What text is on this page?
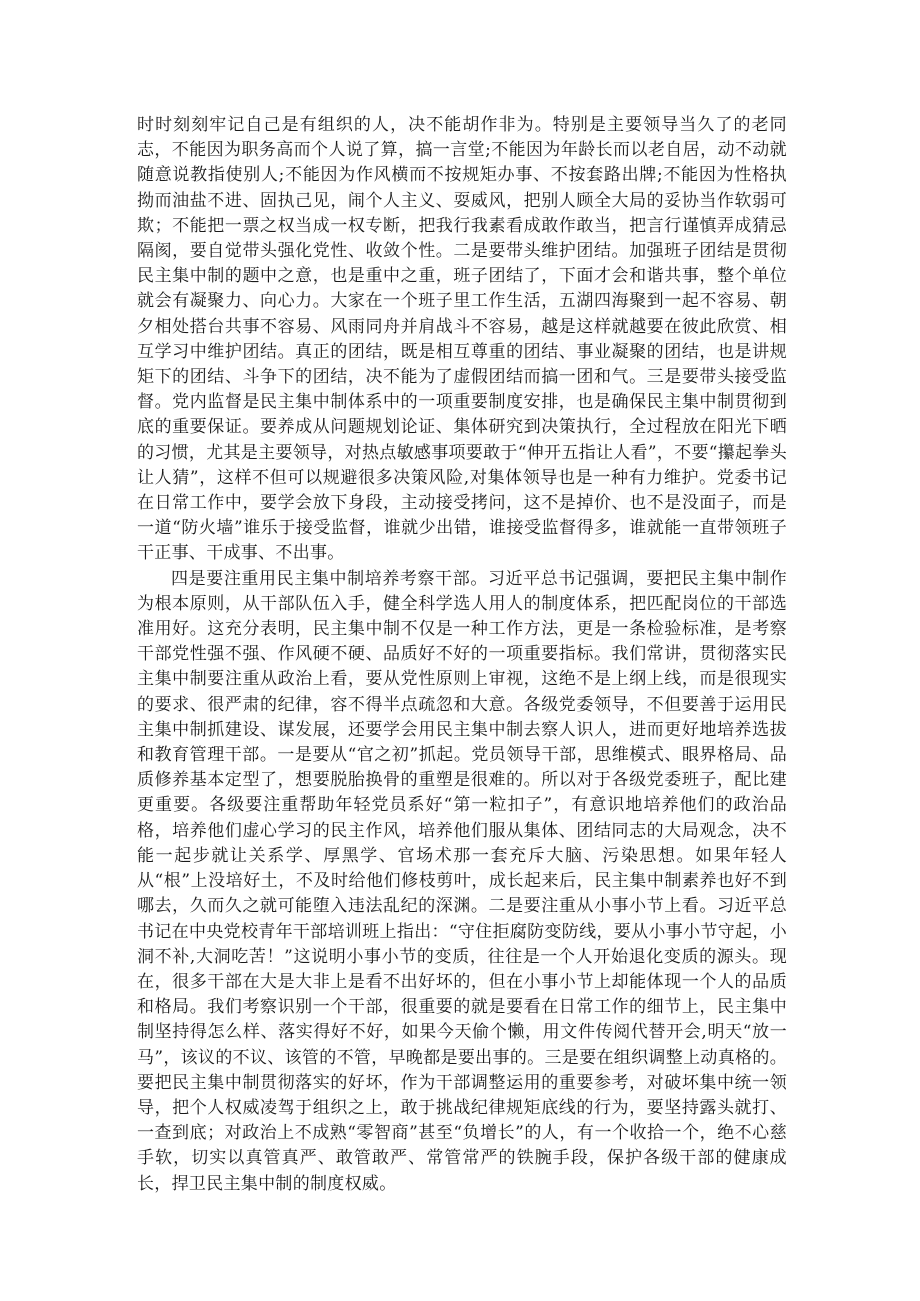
时时刻刻牢记自己是有组织的人，决不能胡作非为。特别是主要领导当久了的老同志，不能因为职务高而个人说了算，搞一言堂;不能因为年龄长而以老自居，动不动就随意说教指使别人;不能因为作风横而不按规矩办事、不按套路出牌;不能因为性格执拗而油盐不进、固执己见，闹个人主义、耍威风，把别人顾全大局的妥协当作软弱可欺；不能把一票之权当成一权专断，把我行我素看成敢作敢当，把言行谨慎弄成猜忌隔阂，要自觉带头强化党性、收敛个性。二是要带头维护团结。加强班子团结是贯彻民主集中制的题中之意，也是重中之重，班子团结了，下面才会和谐共事，整个单位就会有凝聚力、向心力。大家在一个班子里工作生活，五湖四海聚到一起不容易、朝夕相处搭台共事不容易、风雨同舟并肩战斗不容易，越是这样就越要在彼此欣赏、相互学习中维护团结。真正的团结，既是相互尊重的团结、事业凝聚的团结，也是讲规矩下的团结、斗争下的团结，决不能为了虚假团结而搞一团和气。三是要带头接受监督。党内监督是民主集中制体系中的一项重要制度安排，也是确保民主集中制贯彻到底的重要保证。要养成从问题规划论证、集体研究到决策执行，全过程放在阳光下晒的习惯，尤其是主要领导，对热点敏感事项要敢于“伸开五指让人看”，不要“攥起拳头让人猜”，这样不但可以规避很多决策风险,对集体领导也是一种有力维护。党委书记在日常工作中，要学会放下身段，主动接受拷问，这不是掉价、也不是没面子，而是一道“防火墙”谁乐于接受监督，谁就少出错，谁接受监督得多，谁就能一直带领班子干正事、干成事、不出事。

四是要注重用民主集中制培养考察干部。习近平总书记强调，要把民主集中制作为根本原则，从干部队伍入手，健全科学选人用人的制度体系，把匹配岗位的干部选准用好。这充分表明，民主集中制不仅是一种工作方法，更是一条检验标准，是考察干部党性强不强、作风硬不硬、品质好不好的一项重要指标。我们常讲，贯彻落实民主集中制要注重从政治上看，要从党性原则上审视，这绝不是上纲上线，而是很现实的要求、很严肃的纪律，容不得半点疏忽和大意。各级党委领导，不但要善于运用民主集中制抓建设、谋发展，还要学会用民主集中制去察人识人，进而更好地培养选拔和教育管理干部。一是要从“官之初”抓起。党员领导干部，思维模式、眼界格局、品质修养基本定型了，想要脱胎换骨的重塑是很难的。所以对于各级党委班子，配比建更重要。各级要注重帮助年轻党员系好“第一粒扣子”，有意识地培养他们的政治品格，培养他们虚心学习的民主作风，培养他们服从集体、团结同志的大局观念，决不能一起步就让关系学、厚黑学、官场术那一套充斥大脑、污染思想。如果年轻人从“根”上没培好土，不及时给他们修枝剪叶，成长起来后，民主集中制素养也好不到哪去，久而久之就可能堕入违法乱纪的深渊。二是要注重从小事小节上看。习近平总书记在中央党校青年干部培训班上指出：“守住拒腐防变防线，要从小事小节守起，小洞不补,大洞吃苦！”这说明小事小节的变质，往往是一个人开始退化变质的源头。现在，很多干部在大是大非上是看不出好坏的，但在小事小节上却能体现一个人的品质和格局。我们考察识别一个干部，很重要的就是要看在日常工作的细节上，民主集中制坚持得怎么样、落实得好不好，如果今天偷个懒，用文件传阅代替开会,明天“放一马”，该议的不议、该管的不管，早晚都是要出事的。三是要在组织调整上动真格的。要把民主集中制贯彻落实的好坏，作为干部调整运用的重要参考，对破坏集中统一领导，把个人权威凌驾于组织之上，敢于挑战纪律规矩底线的行为，要坚持露头就打、一查到底；对政治上不成熟“零智商”甚至“负增长”的人，有一个收拾一个，绝不心慈手软，切实以真管真严、敢管敢严、常管常严的铁腕手段，保护各级干部的健康成长，捍卫民主集中制的制度权威。
